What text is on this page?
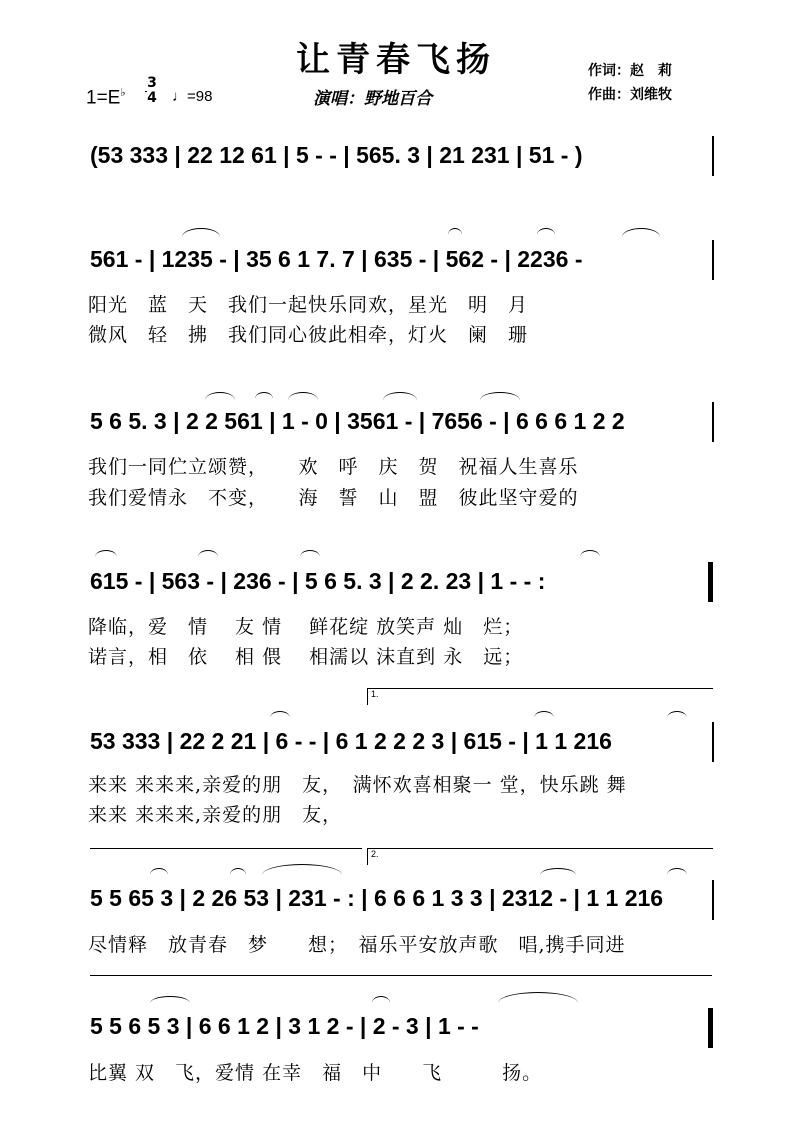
让青春飞扬
1=E♭
3
4 ♩=98	演唱：野地百合
作词：赵　莉
作曲：刘维牧
(53 333 | 22 12 61 | 5 - - | 565. 3 | 21 231 | 51 - )
561 - | 1235 - | 35 6 1 7. 7 | 635 - | 562 - | 2236 -
阳光　蓝　天　我们一起快乐同欢，星光　明　月
微风　轻　拂　我们同心彼此相牵，灯火　阑　珊
5 6 5. 3 | 2 2 561 | 1 - 0 | 3561 - | 7656 - | 6 6 6 1 2 2
我们一同伫立颂赞，　　欢　呼　庆　贺　祝福人生喜乐
我们爱情永　不变，　　海　誓　山　盟　彼此坚守爱的
615 - | 563 - | 236 - | 5 6 5. 3 | 2 2. 23 | 1 - - :
降临，爱　情　 友 情　 鲜花绽 放笑声 灿　烂；
诺言，相　依　 相 偎　 相濡以 沫直到 永　远；
1.
53 333 | 22 2 21 | 6 - - | 6 1 2 2 2 3 | 615 - | 1 1 216
来来 来来来,亲爱的朋　友，　满怀欢喜相聚一 堂，快乐跳 舞
来来 来来来,亲爱的朋　友，
2.
5 5 65 3 | 2 26 53 | 231 - : | 6 6 6 1 3 3 | 2312 - | 1 1 216
尽情释　放青春　梦　　想；　福乐平安放声歌　唱,携手同进
5 5 6 5 3 | 6 6 1 2 | 3 1 2 - | 2 - 3 | 1 - -
比翼 双　飞，爱情 在幸　福　中　　飞　　　扬。
